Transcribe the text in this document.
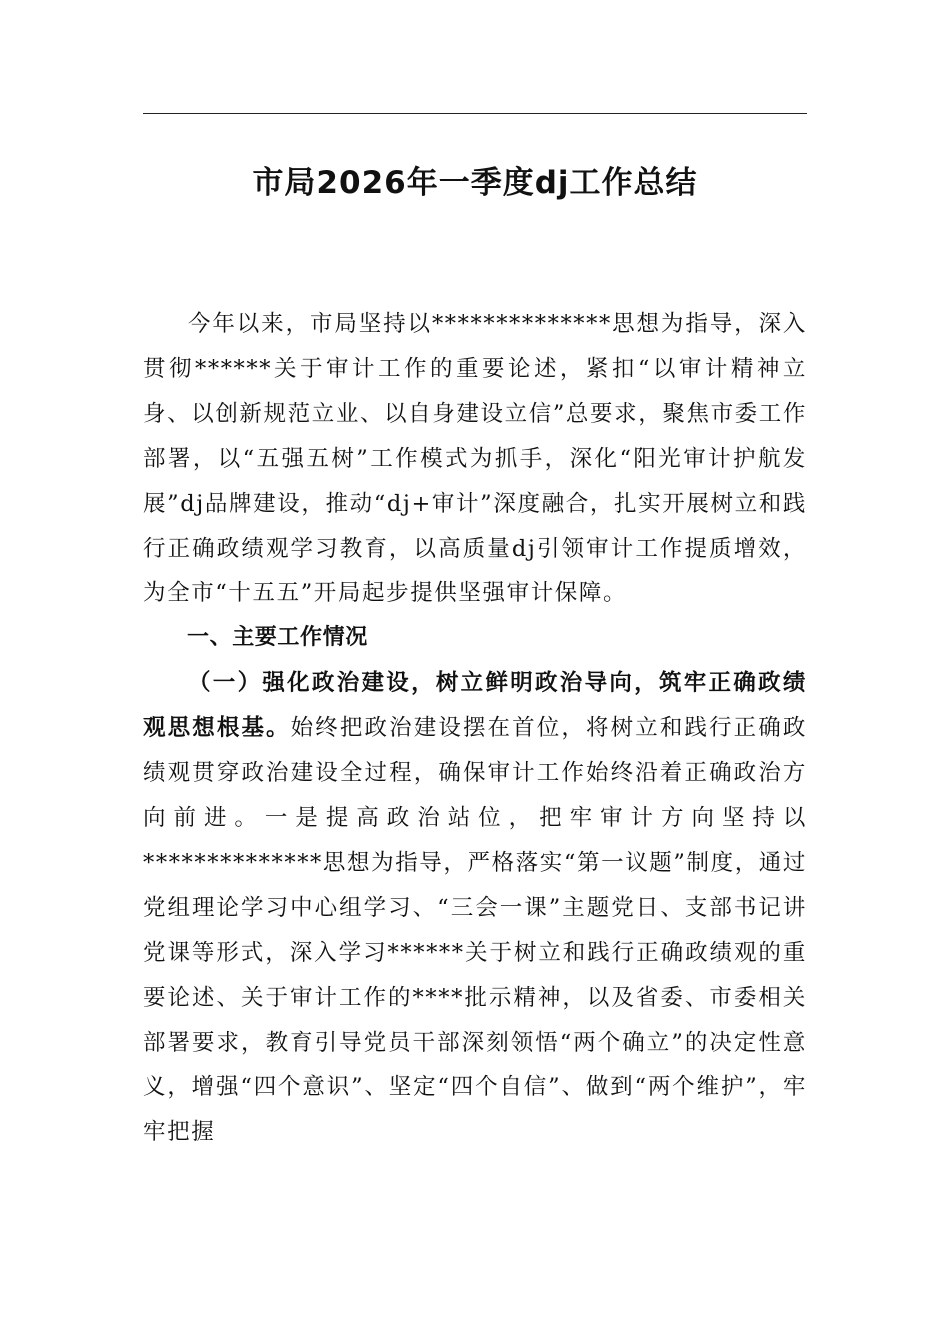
市局2026年一季度dj工作总结

今年以来，市局坚持以**************思想为指导，深入贯彻******关于审计工作的重要论述，紧扣“以审计精神立身、以创新规范立业、以自身建设立信”总要求，聚焦市委工作部署，以“五强五树”工作模式为抓手，深化“阳光审计护航发展”dj品牌建设，推动“dj+审计”深度融合，扎实开展树立和践行正确政绩观学习教育，以高质量dj引领审计工作提质增效，为全市“十五五”开局起步提供坚强审计保障。

一、主要工作情况

（一）强化政治建设，树立鲜明政治导向，筑牢正确政绩观思想根基。始终把政治建设摆在首位，将树立和践行正确政绩观贯穿政治建设全过程，确保审计工作始终沿着正确政治方向前进。一是提高政治站位，把牢审计方向坚持以**************思想为指导，严格落实“第一议题”制度，通过党组理论学习中心组学习、“三会一课”主题党日、支部书记讲党课等形式，深入学习******关于树立和践行正确政绩观的重要论述、关于审计工作的****批示精神，以及省委、市委相关部署要求，教育引导党员干部深刻领悟“两个确立”的决定性意义，增强“四个意识”、坚定“四个自信”、做到“两个维护”，牢牢把握
